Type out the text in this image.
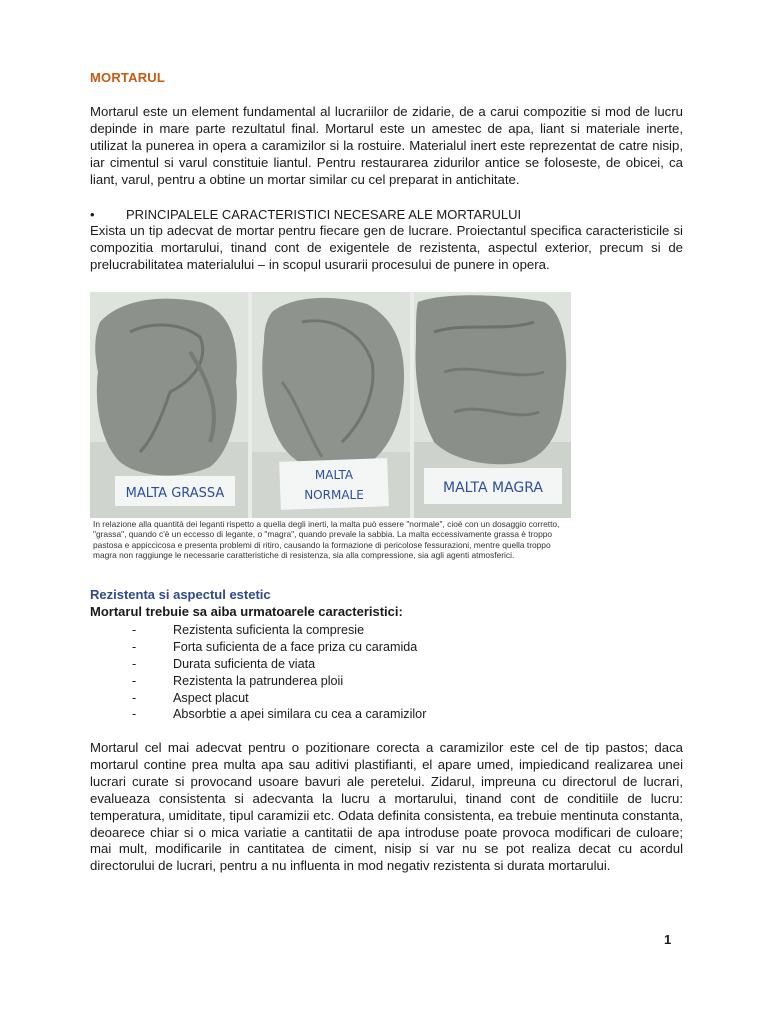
MORTARUL
Mortarul este un element fundamental al lucrariilor de zidarie, de a carui compozitie si mod de lucru depinde in mare parte rezultatul final. Mortarul este un amestec de apa, liant si materiale inerte, utilizat la punerea in opera a caramizilor si la rostuire. Materialul inert este reprezentat de catre nisip, iar cimentul si varul constituie liantul. Pentru restaurarea zidurilor antice se foloseste, de obicei, ca liant, varul, pentru a obtine un mortar similar cu cel preparat in antichitate.
• PRINCIPALELE CARACTERISTICI NECESARE ALE MORTARULUI
Exista un tip adecvat de mortar pentru fiecare gen de lucrare. Proiectantul specifica caracteristicile si compozitia mortarului, tinand cont de exigentele de rezistenta, aspectul exterior, precum si de prelucrabilitatea materialului – in scopul usurarii procesului de punere in opera.
MALTA GRASSA
MALTA
NORMALE	MALTA MAGRA
In relazione alla quantità dei leganti rispetto a quella degli inerti, la malta può essere "normale", cioè con un dosaggio corretto, "grassa", quando c'è un eccesso di legante, o "magra", quando prevale la sabbia. La malta eccessivamente grassa è troppo pastosa e appiccicosa e presenta problemi di ritiro, causando la formazione di pericolose fessurazioni, mentre quella troppo magra non raggiunge le necessarie caratteristiche di resistenza, sia alla compressione, sia agli agenti atmosferici.
Rezistenta si aspectul estetic
Mortarul trebuie sa aiba urmatoarele caracteristici:
-	Rezistenta suficienta la compresie
-	Forta suficienta de a face priza cu caramida
-	Durata suficienta de viata
-	Rezistenta la patrunderea ploii
-	Aspect placut
-	Absorbtie a apei similara cu cea a caramizilor
Mortarul cel mai adecvat pentru o pozitionare corecta a caramizilor este cel de tip pastos; daca mortarul contine prea multa apa sau aditivi plastifianti, el apare umed, impiedicand realizarea unei lucrari curate si provocand usoare bavuri ale peretelui. Zidarul, impreuna cu directorul de lucrari, evalueaza consistenta si adecvanta la lucru a mortarului, tinand cont de conditiile de lucru: temperatura, umiditate, tipul caramizii etc. Odata definita consistenta, ea trebuie mentinuta constanta, deoarece chiar si o mica variatie a cantitatii de apa introduse poate provoca modificari de culoare; mai mult, modificarile in cantitatea de ciment, nisip si var nu se pot realiza decat cu acordul directorului de lucrari, pentru a nu influenta in mod negativ rezistenta si durata mortarului.
1
